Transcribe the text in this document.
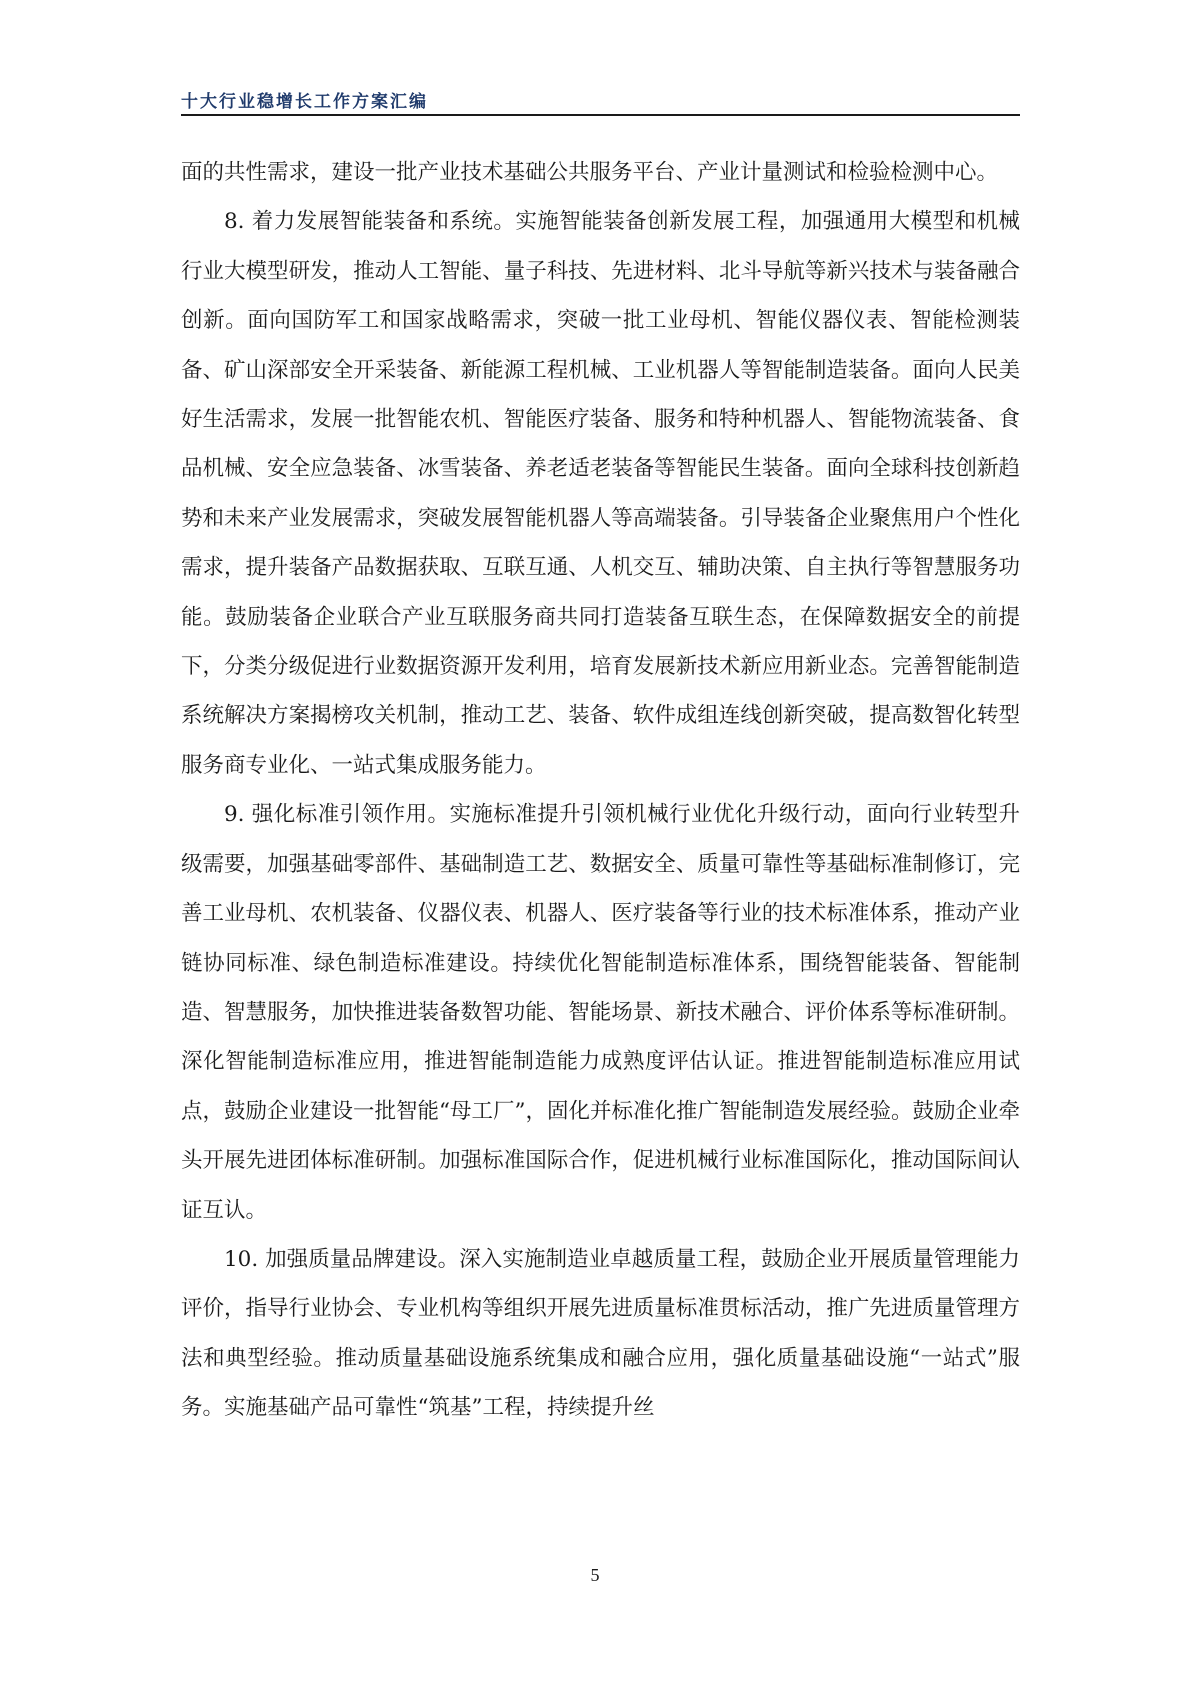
十大行业稳增长工作方案汇编

面的共性需求，建设一批产业技术基础公共服务平台、产业计量测试和检验检测中心。

8. 着力发展智能装备和系统。实施智能装备创新发展工程，加强通用大模型和机械行业大模型研发，推动人工智能、量子科技、先进材料、北斗导航等新兴技术与装备融合创新。面向国防军工和国家战略需求，突破一批工业母机、智能仪器仪表、智能检测装备、矿山深部安全开采装备、新能源工程机械、工业机器人等智能制造装备。面向人民美好生活需求，发展一批智能农机、智能医疗装备、服务和特种机器人、智能物流装备、食品机械、安全应急装备、冰雪装备、养老适老装备等智能民生装备。面向全球科技创新趋势和未来产业发展需求，突破发展智能机器人等高端装备。引导装备企业聚焦用户个性化需求，提升装备产品数据获取、互联互通、人机交互、辅助决策、自主执行等智慧服务功能。鼓励装备企业联合产业互联服务商共同打造装备互联生态，在保障数据安全的前提下，分类分级促进行业数据资源开发利用，培育发展新技术新应用新业态。完善智能制造系统解决方案揭榜攻关机制，推动工艺、装备、软件成组连线创新突破，提高数智化转型服务商专业化、一站式集成服务能力。

9. 强化标准引领作用。实施标准提升引领机械行业优化升级行动，面向行业转型升级需要，加强基础零部件、基础制造工艺、数据安全、质量可靠性等基础标准制修订，完善工业母机、农机装备、仪器仪表、机器人、医疗装备等行业的技术标准体系，推动产业链协同标准、绿色制造标准建设。持续优化智能制造标准体系，围绕智能装备、智能制造、智慧服务，加快推进装备数智功能、智能场景、新技术融合、评价体系等标准研制。深化智能制造标准应用，推进智能制造能力成熟度评估认证。推进智能制造标准应用试点，鼓励企业建设一批智能“母工厂”，固化并标准化推广智能制造发展经验。鼓励企业牵头开展先进团体标准研制。加强标准国际合作，促进机械行业标准国际化，推动国际间认证互认。

10. 加强质量品牌建设。深入实施制造业卓越质量工程，鼓励企业开展质量管理能力评价，指导行业协会、专业机构等组织开展先进质量标准贯标活动，推广先进质量管理方法和典型经验。推动质量基础设施系统集成和融合应用，强化质量基础设施“一站式”服务。实施基础产品可靠性“筑基”工程，持续提升丝

5
